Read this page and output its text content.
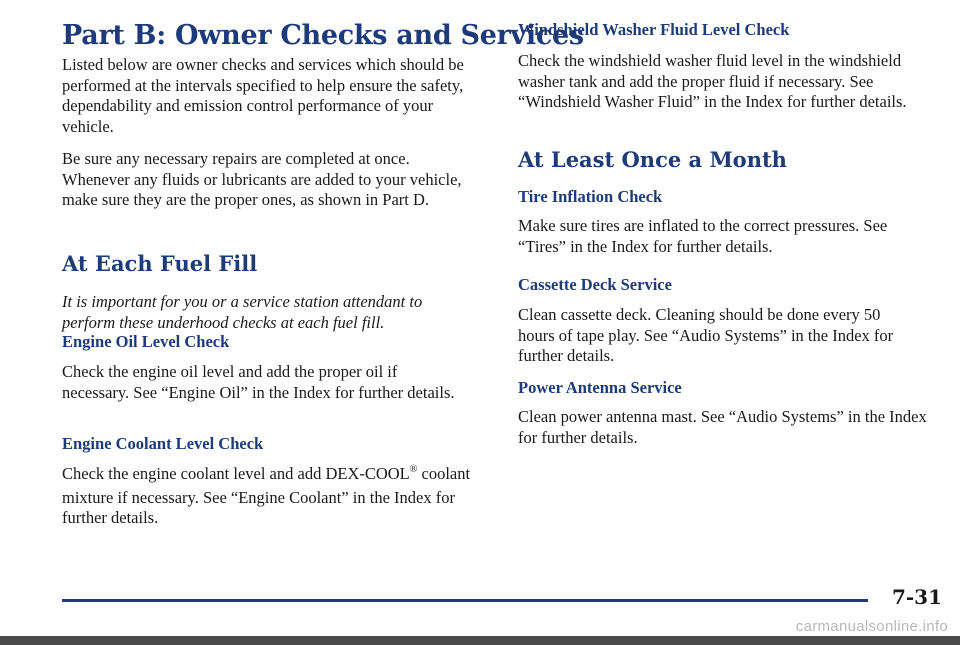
Part B: Owner Checks and Services
Listed below are owner checks and services which should be performed at the intervals specified to help ensure the safety, dependability and emission control performance of your vehicle.
Be sure any necessary repairs are completed at once. Whenever any fluids or lubricants are added to your vehicle, make sure they are the proper ones, as shown in Part D.
At Each Fuel Fill
It is important for you or a service station attendant to perform these underhood checks at each fuel fill.
Engine Oil Level Check
Check the engine oil level and add the proper oil if necessary. See “Engine Oil” in the Index for further details.
Engine Coolant Level Check
Check the engine coolant level and add DEX-COOL® coolant mixture if necessary. See “Engine Coolant” in the Index for further details.
Windshield Washer Fluid Level Check
Check the windshield washer fluid level in the windshield washer tank and add the proper fluid if necessary. See “Windshield Washer Fluid” in the Index for further details.
At Least Once a Month
Tire Inflation Check
Make sure tires are inflated to the correct pressures. See “Tires” in the Index for further details.
Cassette Deck Service
Clean cassette deck. Cleaning should be done every 50 hours of tape play. See “Audio Systems” in the Index for further details.
Power Antenna Service
Clean power antenna mast. See “Audio Systems” in the Index for further details.
7-31
carmanualsonline.info
